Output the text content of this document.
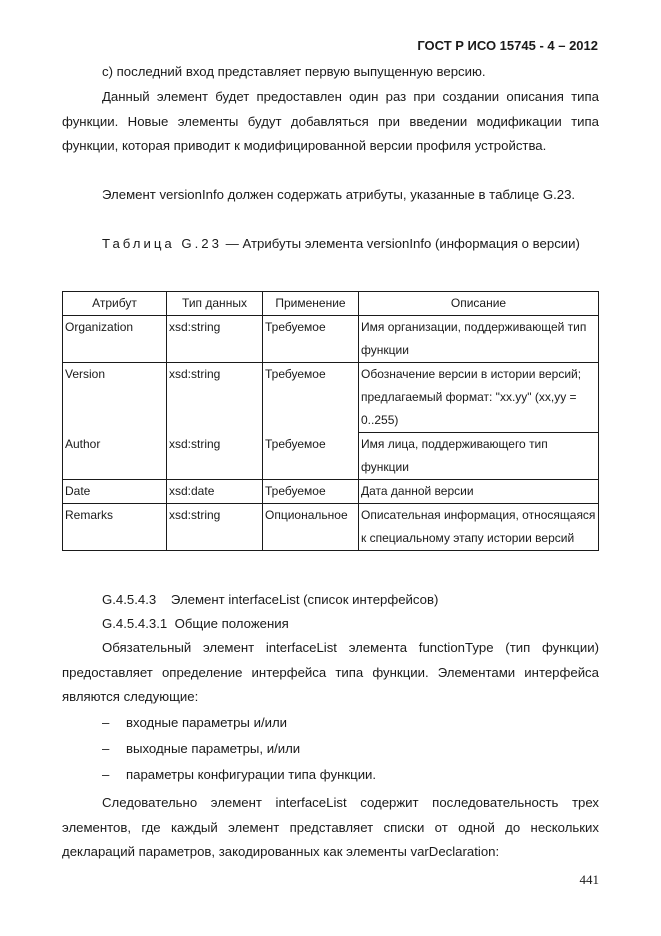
ГОСТ Р ИСО 15745 - 4 – 2012

c) последний вход представляет первую выпущенную версию.

Данный элемент будет предоставлен один раз при создании описания типа функции. Новые элементы будут добавляться при введении модификации типа функции, которая приводит к модифицированной версии профиля устройства.

Элемент versionInfo должен содержать атрибуты, указанные в таблице G.23.

Таблица G.23 — Атрибуты элемента versionInfo (информация о версии)

Атрибут	Тип данных	Применение	Описание
Organization	xsd:string	Требуемое	Имя организации, поддерживающей тип функции
Version	xsd:string	Требуемое	Обозначение версии в истории версий; предлагаемый формат: "xx.yy" (xx,yy = 0..255)
Author	xsd:string	Требуемое	Имя лица, поддерживающего тип функции
Date	xsd:date	Требуемое	Дата данной версии
Remarks	xsd:string	Опциональное	Описательная информация, относящаяся к специальному этапу истории версий

G.4.5.4.3 Элемент interfaceList (список интерфейсов)

G.4.5.4.3.1 Общие положения

Обязательный элемент interfaceList элемента functionType (тип функции) предоставляет определение интерфейса типа функции. Элементами интерфейса являются следующие:

– входные параметры и/или
– выходные параметры, и/или
– параметры конфигурации типа функции.

Следовательно элемент interfaceList содержит последовательность трех элементов, где каждый элемент представляет списки от одной до нескольких деклараций параметров, закодированных как элементы varDeclaration:

441
